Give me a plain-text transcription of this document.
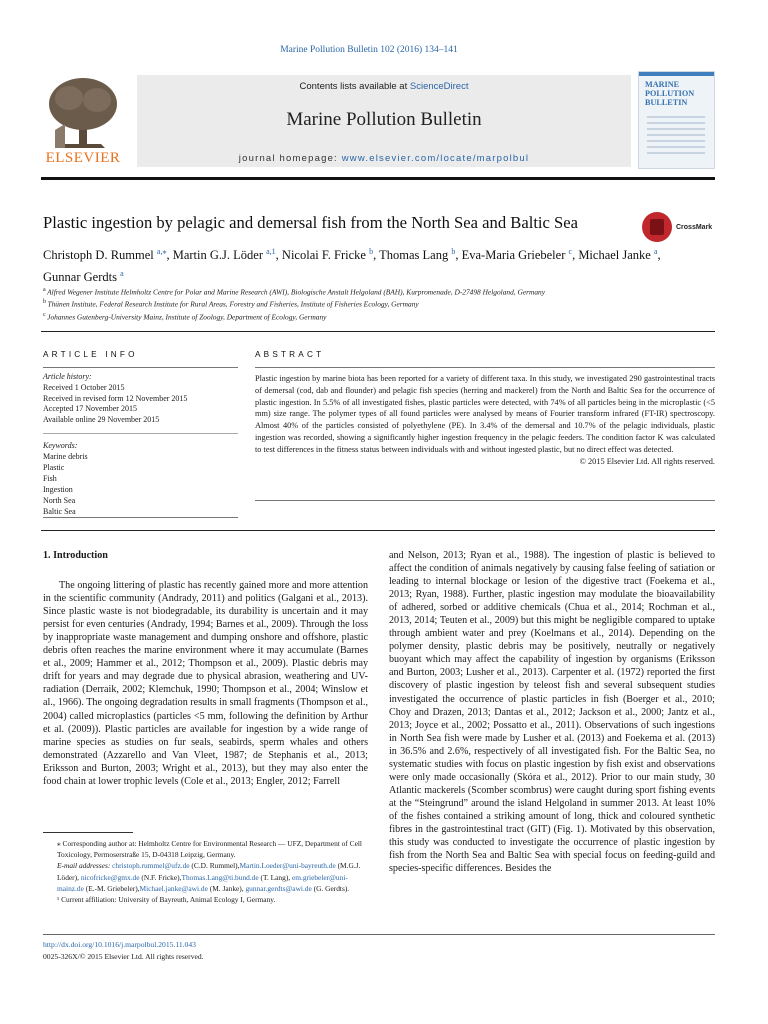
Marine Pollution Bulletin 102 (2016) 134–141
ELSEVIER
Contents lists available at ScienceDirect
Marine Pollution Bulletin
journal homepage: www.elsevier.com/locate/marpolbul
MARINE POLLUTION BULLETIN
Plastic ingestion by pelagic and demersal fish from the North Sea and Baltic Sea	CrossMark
Christoph D. Rummel $^{a,⁎}$, Martin G.J. Löder $^{a,1}$, Nicolai F. Fricke $^b$, Thomas Lang $^b$, Eva-Maria Griebeler $^c$, Michael Janke $^a$, Gunnar Gerdts $^a$
$^a$ Alfred Wegener Institute Helmholtz Centre for Polar and Marine Research (AWI), Biologische Anstalt Helgoland (BAH), Kurpromenade, D-27498 Helgoland, Germany
$^b$ Thünen Institute, Federal Research Institute for Rural Areas, Forestry and Fisheries, Institute of Fisheries Ecology, Germany
$^c$ Johannes Gutenberg-University Mainz, Institute of Zoology, Department of Ecology, Germany
ARTICLE INFO	ABSTRACT
Article history:
Received 1 October 2015
Received in revised form 12 November 2015
Accepted 17 November 2015
Available online 29 November 2015
Keywords:
Marine debris
Plastic
Fish
Ingestion
North Sea
Baltic Sea

Plastic ingestion by marine biota has been reported for a variety of different taxa. In this study, we investigated 290 gastrointestinal tracts of demersal (cod, dab and flounder) and pelagic fish species (herring and mackerel) from the North and Baltic Sea for the occurrence of plastic ingestion. In 5.5% of all investigated fishes, plastic particles were detected, with 74% of all particles being in the microplastic (<5 mm) size range. The polymer types of all found particles were analysed by means of Fourier transform infrared (FT-IR) spectroscopy. Almost 40% of the particles consisted of polyethylene (PE). In 3.4% of the demersal and 10.7% of the pelagic individuals, plastic ingestion was recorded, showing a significantly higher ingestion frequency in the pelagic feeders. The condition factor K was calculated to test differences in the fitness status between individuals with and without ingested plastic, but no direct effect was detected.

© 2015 Elsevier Ltd. All rights reserved.

1. Introduction

The ongoing littering of plastic has recently gained more and more attention in the scientific community (Andrady, 2011) and politics (Galgani et al., 2013). Since plastic waste is not biodegradable, its durability is uncertain and it may persist for even centuries (Andrady, 1994; Barnes et al., 2009). Through the loss by inappropriate waste management and dumping onshore and offshore, plastic debris often reaches the marine environment where it may accumulate (Barnes et al., 2009; Hammer et al., 2012; Thompson et al., 2009). Plastic debris may drift for years and may degrade due to physical abrasion, weathering and UV-radiation (Derraik, 2002; Klemchuk, 1990; Thompson et al., 2004; Winslow et al., 1966). The ongoing degradation results in small fragments (Thompson et al., 2004) called microplastics (particles <5 mm, following the definition by Arthur et al. (2009)). Plastic particles are available for ingestion by a wide range of marine species as studies on fur seals, seabirds, sperm whales and others demonstrated (Azzarello and Van Vleet, 1987; de Stephanis et al., 2013; Eriksson and Burton, 2003; Wright et al., 2013), but they may also enter the food chain at lower trophic levels (Cole et al., 2013; Engler, 2012; Farrell

⁎ Corresponding author at: Helmholtz Centre for Environmental Research — UFZ, Department of Cell Toxicology, Permoserstraße 15, D-04318 Leipzig, Germany.

E-mail addresses: christoph.rummel@ufz.de (C.D. Rummel),Martin.Loeder@uni-bayreuth.de (M.G.J. Löder), nicofricke@gmx.de (N.F. Fricke),Thomas.Lang@ti.bund.de (T. Lang), em.griebeler@uni-mainz.de (E.-M. Griebeler),Michael.janke@awi.de (M. Janke), gunnar.gerdts@awi.de (G. Gerdts).

¹ Current affiliation: University of Bayreuth, Animal Ecology I, Germany.

and Nelson, 2013; Ryan et al., 1988). The ingestion of plastic is believed to affect the condition of animals negatively by causing false feeling of satiation or leading to internal blockage or lesion of the digestive tract (Foekema et al., 2013; Ryan, 1988). Further, plastic ingestion may modulate the bioavailability of adhered, sorbed or additive chemicals (Chua et al., 2014; Rochman et al., 2013, 2014; Teuten et al., 2009) but this might be negligible compared to uptake through ambient water and prey (Koelmans et al., 2014). Depending on the polymer density, plastic debris may be positively, neutrally or negatively buoyant which may affect the capability of ingestion by organisms (Eriksson and Burton, 2003; Lusher et al., 2013). Carpenter et al. (1972) reported the first discovery of plastic ingestion by teleost fish and several subsequent studies investigated the occurrence of plastic particles in fish (Boerger et al., 2010; Choy and Drazen, 2013; Dantas et al., 2012; Jackson et al., 2000; Jantz et al., 2013; Joyce et al., 2002; Possatto et al., 2011). Observations of such ingestions in North Sea fish were made by Lusher et al. (2013) and Foekema et al. (2013) in 36.5% and 2.6%, respectively of all investigated fish. For the Baltic Sea, no systematic studies with focus on plastic ingestion by fish exist and observations were only made occasionally (Skóra et al., 2012). Prior to our main study, 30 Atlantic mackerels (Scomber scombrus) were caught during sport fishing events at the “Steingrund” around the island Helgoland in summer 2013. At least 10% of the fishes contained a striking amount of long, thick and coloured synthetic fibres in the gastrointestinal tract (GIT) (Fig. 1). Motivated by this observation, this study was conducted to investigate the occurrence of plastic ingestion by fish from the North Sea and Baltic Sea with special focus on feeding-guild and species-specific differences. Besides the

http://dx.doi.org/10.1016/j.marpolbul.2015.11.043

0025-326X/© 2015 Elsevier Ltd. All rights reserved.
